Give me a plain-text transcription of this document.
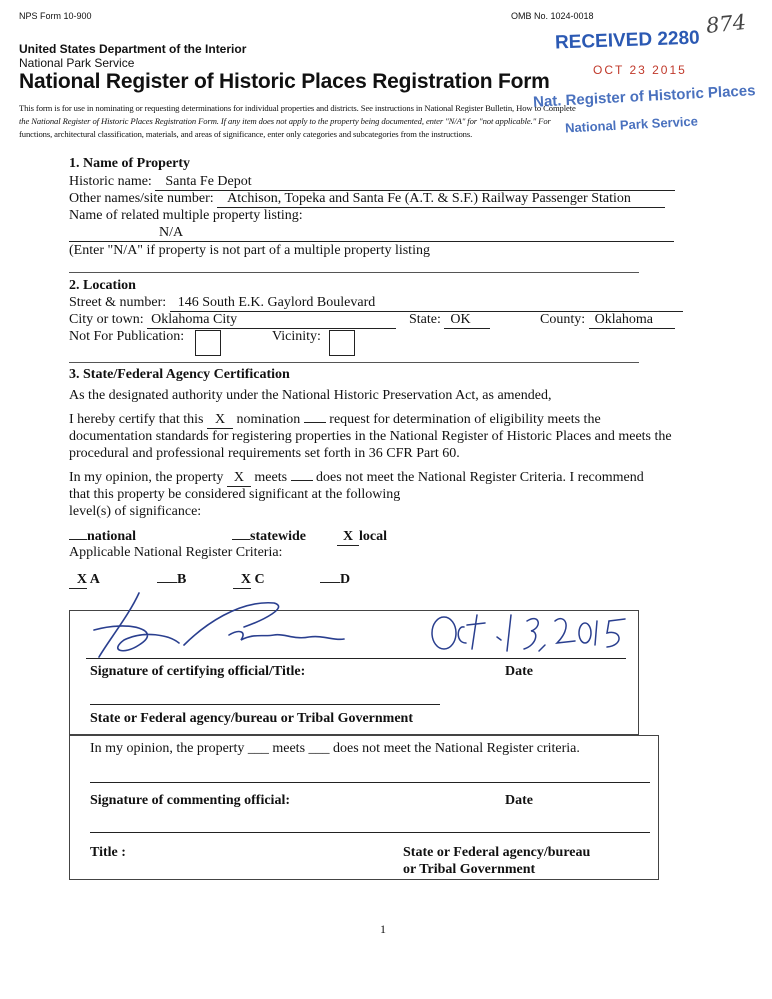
NPS Form 10-900	OMB No. 1024-0018
United States Department of the Interior
National Park Service
National Register of Historic Places Registration Form
This form is for use in nominating or requesting determinations for individual properties and districts. See instructions in National Register Bulletin, How to Complete
the National Register of Historic Places Registration Form. If any item does not apply to the property being documented, enter "N/A" for "not applicable." For
functions, architectural classification, materials, and areas of significance, enter only categories and subcategories from the instructions.
RECEIVED 2280
OCT 23 2015
Nat. Register of Historic Places
National Park Service
874
1. Name of Property
Historic name: Santa Fe Depot
Other names/site number: Atchison, Topeka and Santa Fe (A.T. & S.F.) Railway Passenger Station
Name of related multiple property listing:
N/A
(Enter "N/A" if property is not part of a multiple property listing
2. Location
Street & number: 146 South E.K. Gaylord Boulevard
City or town: Oklahoma City	State: OK	County: Oklahoma
Not For Publication:	Vicinity:
3. State/Federal Agency Certification
As the designated authority under the National Historic Preservation Act, as amended,
I hereby certify that this X nomination request for determination of eligibility meets the
documentation standards for registering properties in the National Register of Historic Places and meets the
procedural and professional requirements set forth in 36 CFR Part 60.
In my opinion, the property X meets does not meet the National Register Criteria. I recommend
that this property be considered significant at the following
level(s) of significance:
national	statewide	X local
Applicable National Register Criteria:
X A	B	X C	D
Signature of certifying official/Title:	Date
State or Federal agency/bureau or Tribal Government
In my opinion, the property ___ meets ___ does not meet the National Register criteria.
Signature of commenting official:	Date
Title :	State or Federal agency/bureau
or Tribal Government
1
